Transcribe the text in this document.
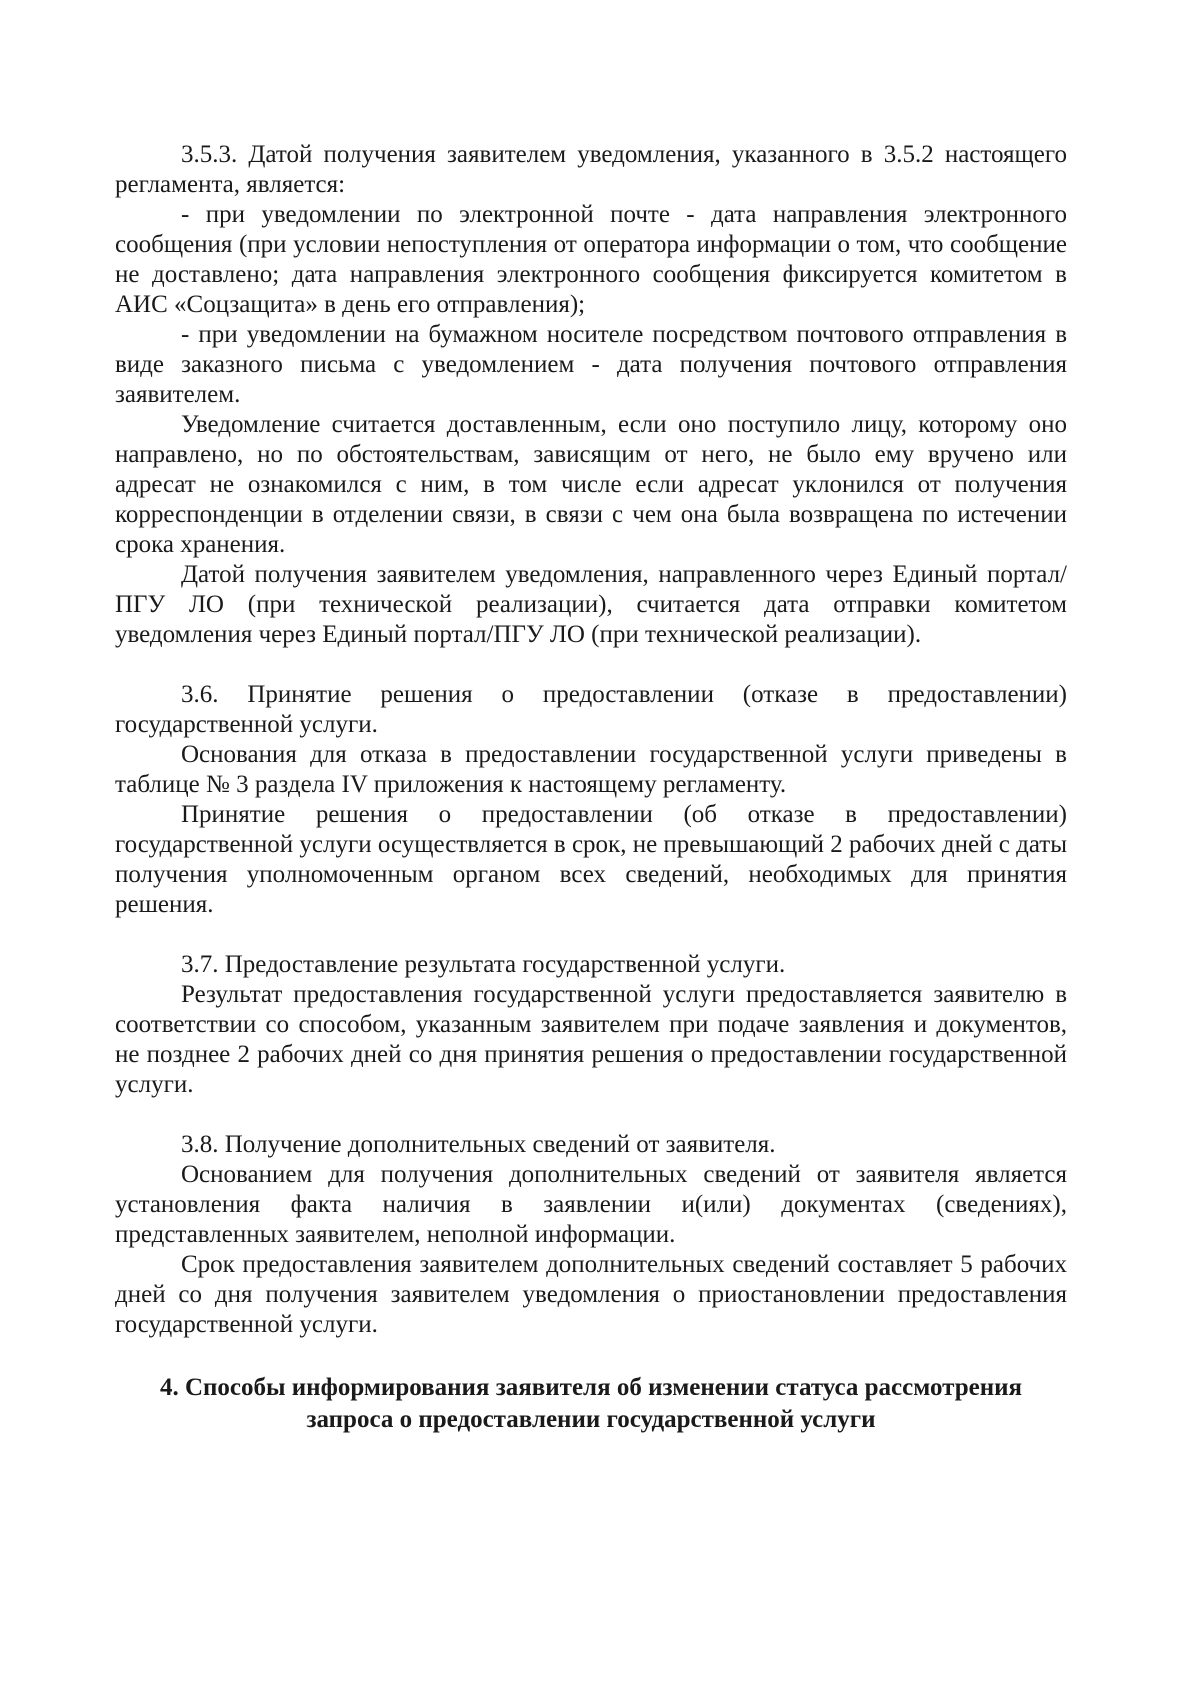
3.5.3. Датой получения заявителем уведомления, указанного в 3.5.2 настоящего регламента, является:

- при уведомлении по электронной почте - дата направления электронного сообщения (при условии непоступления от оператора информации о том, что сообщение не доставлено; дата направления электронного сообщения фиксируется комитетом в АИС «Соцзащита» в день его отправления);

- при уведомлении на бумажном носителе посредством почтового отправления в виде заказного письма с уведомлением - дата получения почтового отправления заявителем.

Уведомление считается доставленным, если оно поступило лицу, которому оно направлено, но по обстоятельствам, зависящим от него, не было ему вручено или адресат не ознакомился с ним, в том числе если адресат уклонился от получения корреспонденции в отделении связи, в связи с чем она была возвращена по истечении срока хранения.

Датой получения заявителем уведомления, направленного через Единый портал/ПГУ ЛО (при технической реализации), считается дата отправки комитетом уведомления через Единый портал/ПГУ ЛО (при технической реализации).

3.6. Принятие решения о предоставлении (отказе в предоставлении) государственной услуги.

Основания для отказа в предоставлении государственной услуги приведены в таблице № 3 раздела IV приложения к настоящему регламенту.

Принятие решения о предоставлении (об отказе в предоставлении) государственной услуги осуществляется в срок, не превышающий 2 рабочих дней с даты получения уполномоченным органом всех сведений, необходимых для принятия решения.

3.7. Предоставление результата государственной услуги.

Результат предоставления государственной услуги предоставляется заявителю в соответствии со способом, указанным заявителем при подаче заявления и документов, не позднее 2 рабочих дней со дня принятия решения о предоставлении государственной услуги.

3.8. Получение дополнительных сведений от заявителя.

Основанием для получения дополнительных сведений от заявителя является установления факта наличия в заявлении и(или) документах (сведениях), представленных заявителем, неполной информации.

Срок предоставления заявителем дополнительных сведений составляет 5 рабочих дней со дня получения заявителем уведомления о приостановлении предоставления государственной услуги.

4. Способы информирования заявителя об изменении статуса рассмотрения
запроса о предоставлении государственной услуги
